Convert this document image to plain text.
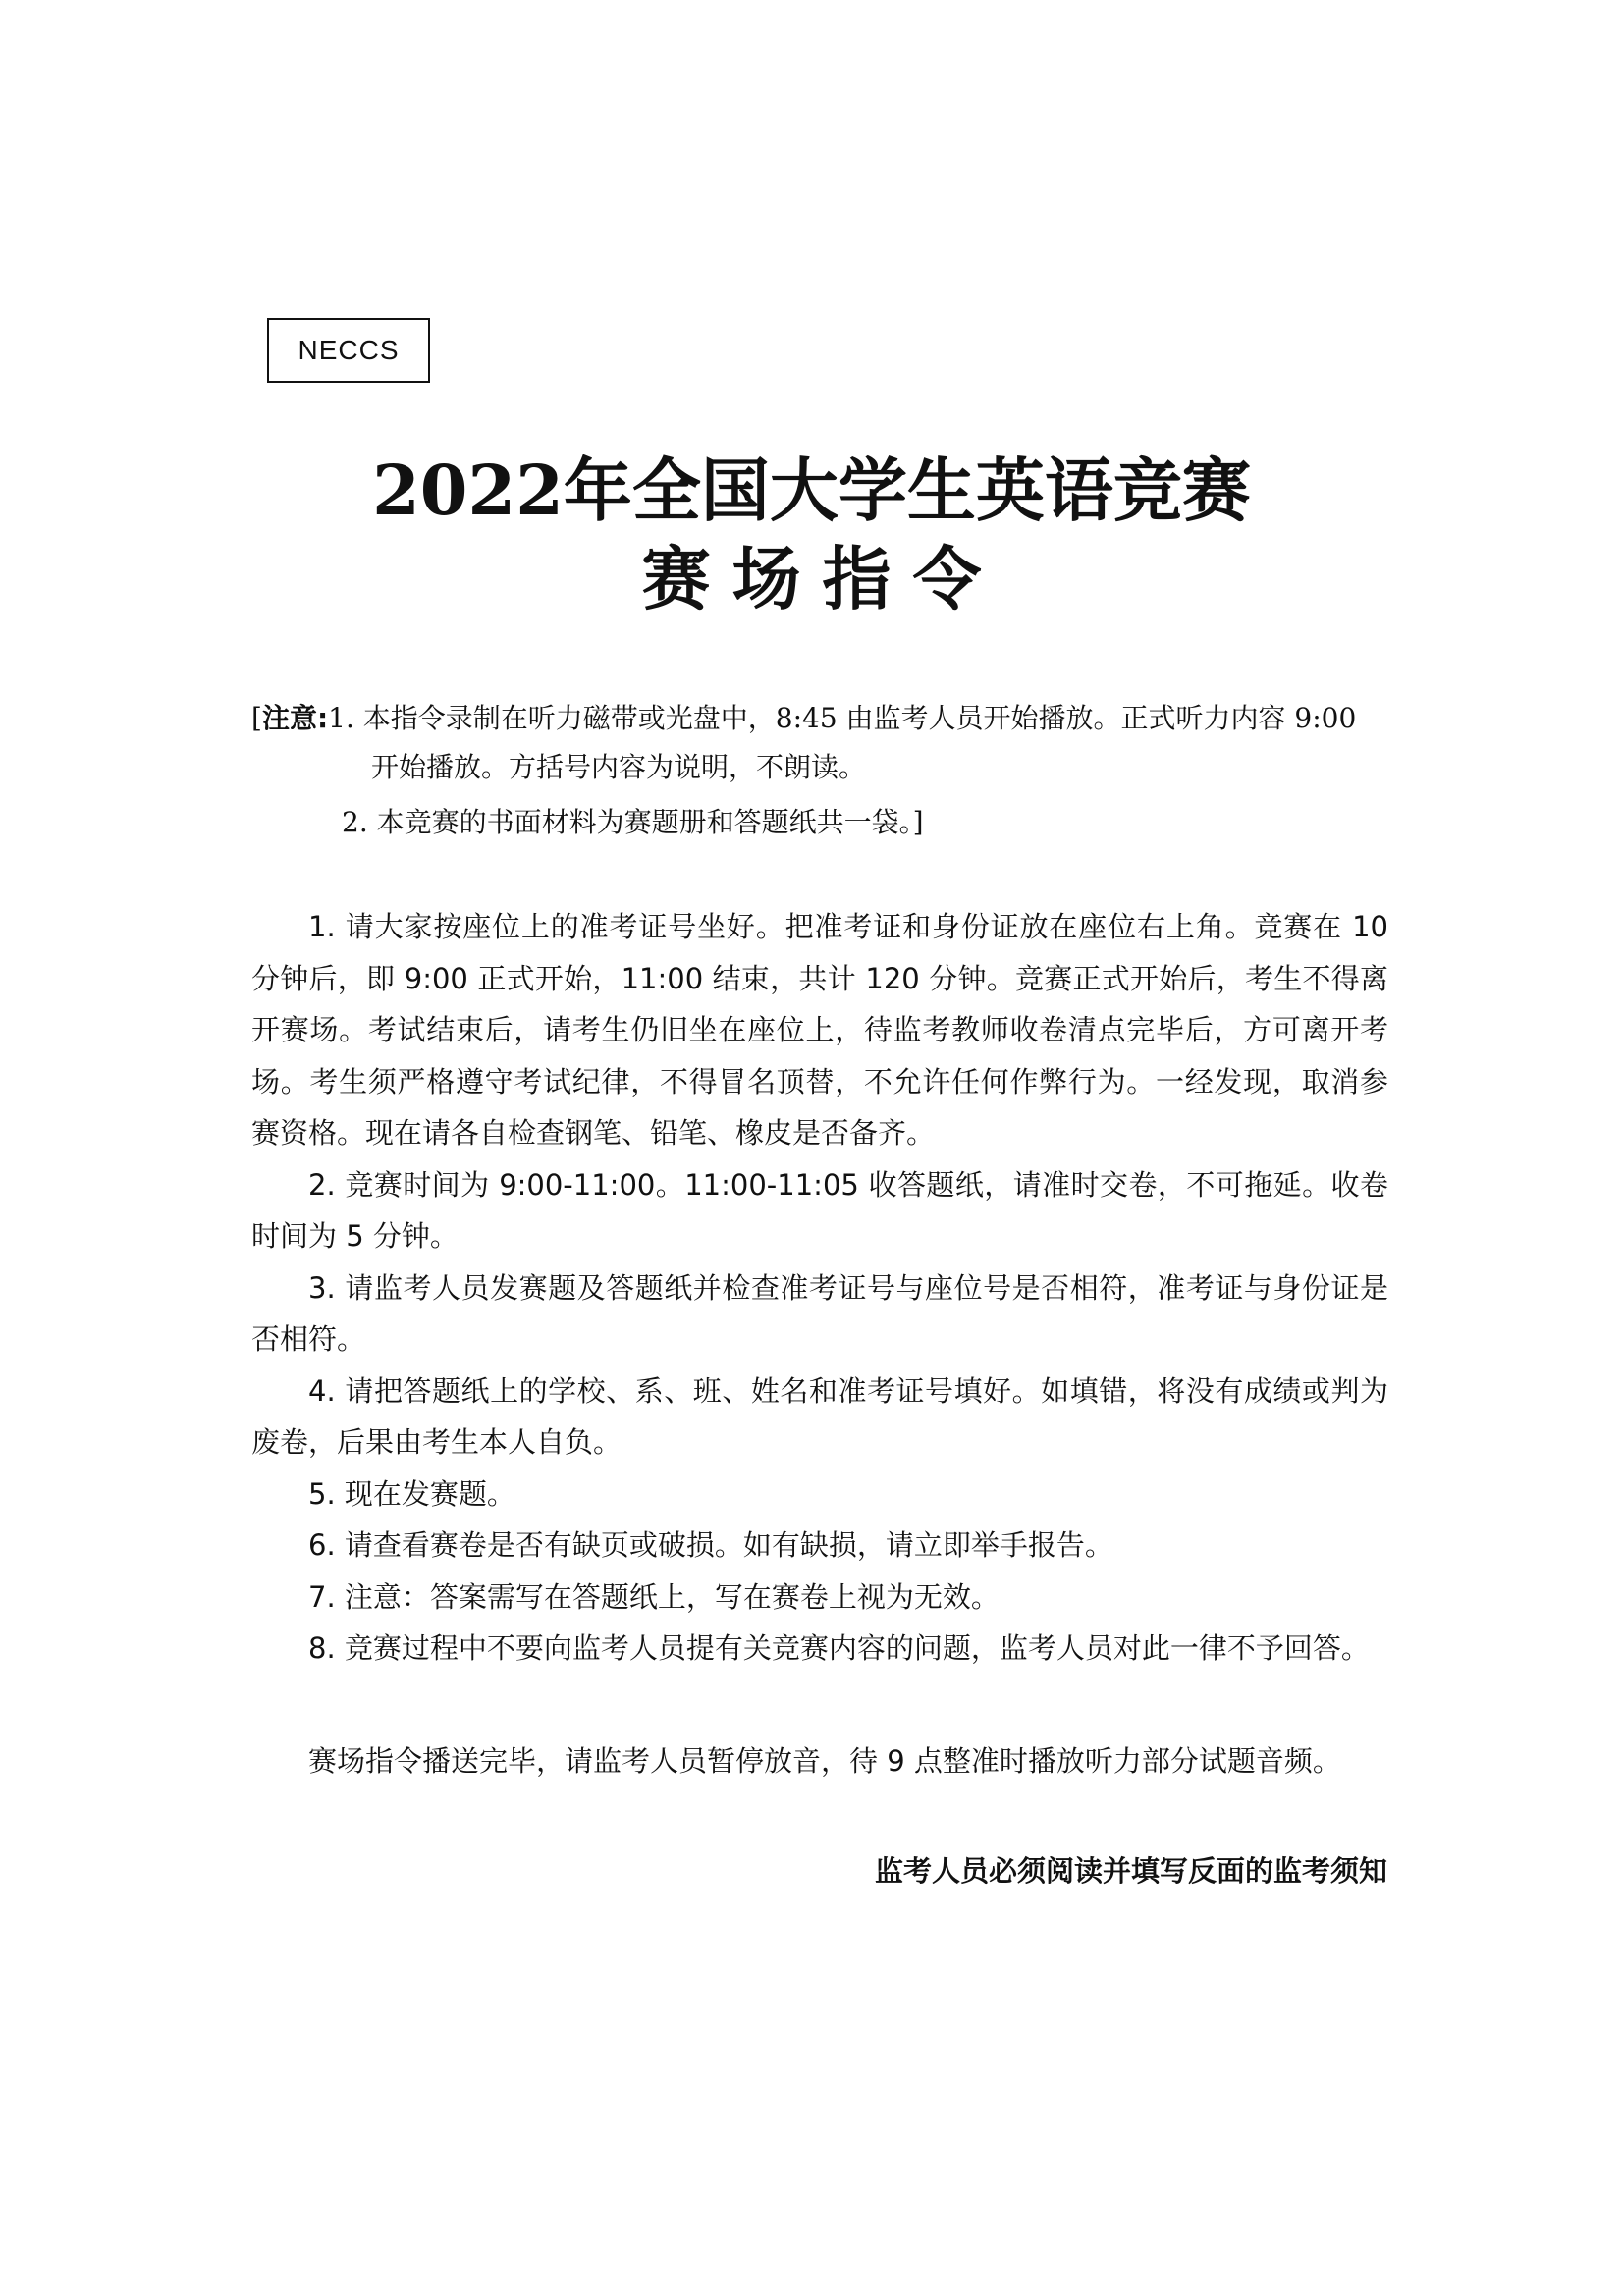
NECCS
2022年全国大学生英语竞赛
赛场指令
[注意:1. 本指令录制在听力磁带或光盘中，8:45 由监考人员开始播放。正式听力内容 9:00
开始播放。方括号内容为说明，不朗读。
2. 本竞赛的书面材料为赛题册和答题纸共一袋。]

1. 请大家按座位上的准考证号坐好。把准考证和身份证放在座位右上角。竞赛在 10 分钟后，即 9:00 正式开始，11:00 结束，共计 120 分钟。竞赛正式开始后，考生不得离开赛场。考试结束后，请考生仍旧坐在座位上，待监考教师收卷清点完毕后，方可离开考场。考生须严格遵守考试纪律，不得冒名顶替，不允许任何作弊行为。一经发现，取消参赛资格。现在请各自检查钢笔、铅笔、橡皮是否备齐。

2. 竞赛时间为 9:00-11:00。11:00-11:05 收答题纸，请准时交卷，不可拖延。收卷时间为 5 分钟。

3. 请监考人员发赛题及答题纸并检查准考证号与座位号是否相符，准考证与身份证是否相符。

4. 请把答题纸上的学校、系、班、姓名和准考证号填好。如填错，将没有成绩或判为废卷，后果由考生本人自负。

5. 现在发赛题。

6. 请查看赛卷是否有缺页或破损。如有缺损，请立即举手报告。

7. 注意：答案需写在答题纸上，写在赛卷上视为无效。

8. 竞赛过程中不要向监考人员提有关竞赛内容的问题，监考人员对此一律不予回答。

赛场指令播送完毕，请监考人员暂停放音，待 9 点整准时播放听力部分试题音频。
监考人员必须阅读并填写反面的监考须知
